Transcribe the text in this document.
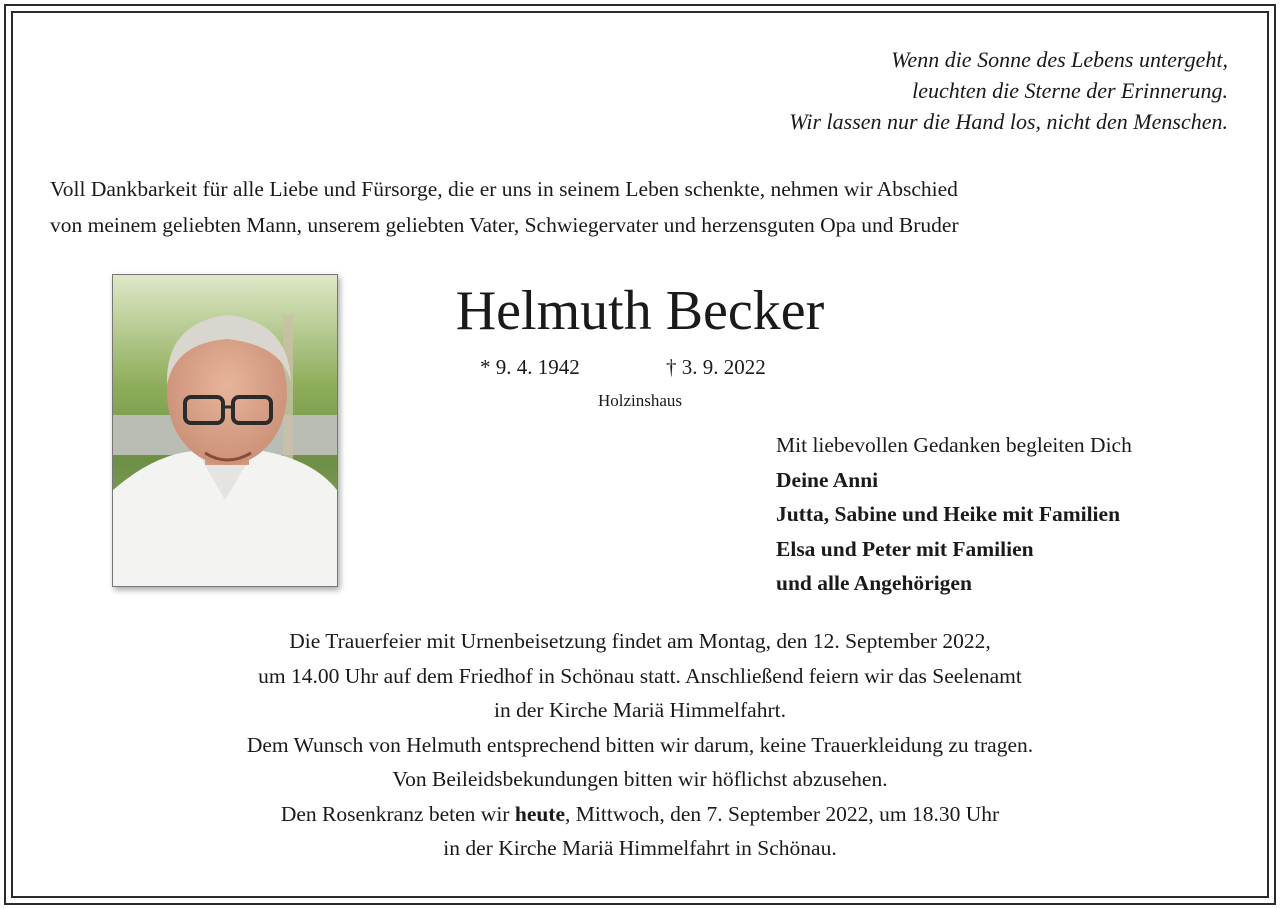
Wenn die Sonne des Lebens untergeht,
leuchten die Sterne der Erinnerung.
Wir lassen nur die Hand los, nicht den Menschen.
Voll Dankbarkeit für alle Liebe und Fürsorge, die er uns in seinem Leben schenkte, nehmen wir Abschied
von meinem geliebten Mann, unserem geliebten Vater, Schwiegervater und herzensguten Opa und Bruder
Helmuth Becker
* 9. 4. 1942	† 3. 9. 2022
Holzinshaus
Mit liebevollen Gedanken begleiten Dich
Deine Anni
Jutta, Sabine und Heike mit Familien
Elsa und Peter mit Familien
und alle Angehörigen
Die Trauerfeier mit Urnenbeisetzung findet am Montag, den 12. September 2022,
um 14.00 Uhr auf dem Friedhof in Schönau statt. Anschließend feiern wir das Seelenamt
in der Kirche Mariä Himmelfahrt.
Dem Wunsch von Helmuth entsprechend bitten wir darum, keine Trauerkleidung zu tragen.
Von Beileidsbekundungen bitten wir höflichst abzusehen.
Den Rosenkranz beten wir heute, Mittwoch, den 7. September 2022, um 18.30 Uhr
in der Kirche Mariä Himmelfahrt in Schönau.
